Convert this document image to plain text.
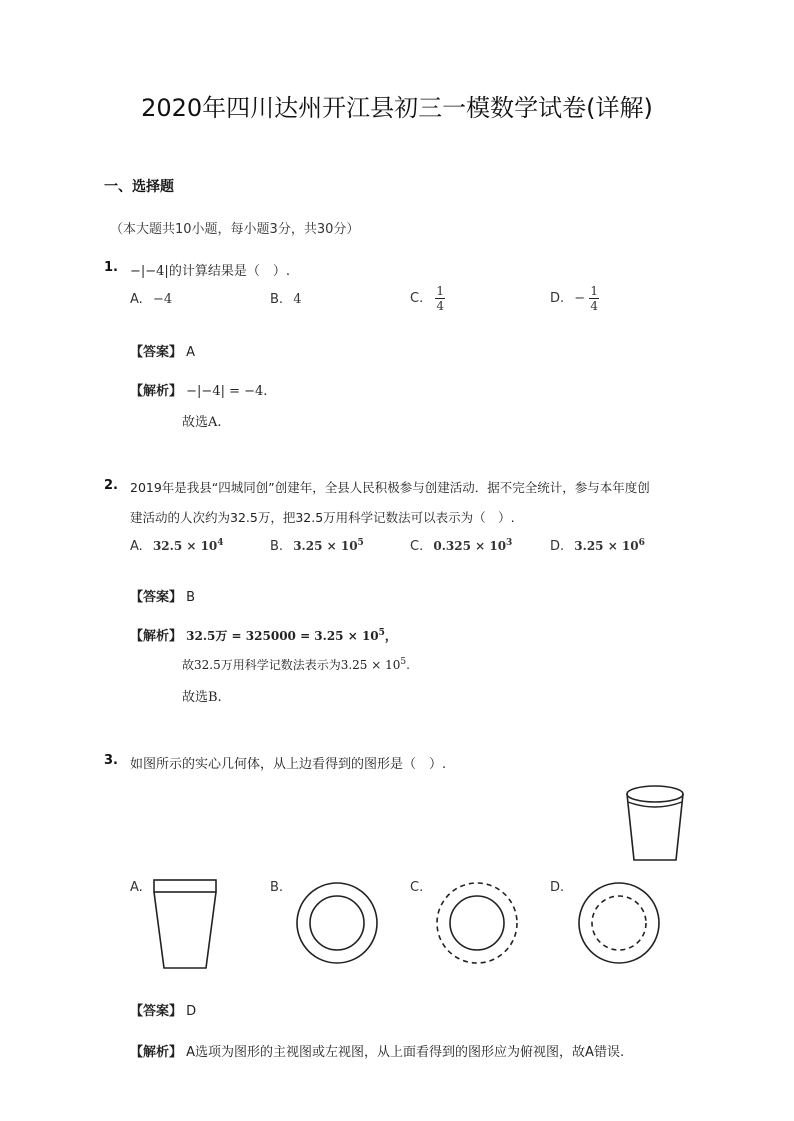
2020年四川达州开江县初三一模数学试卷(详解)
一、选择题
（本大题共10小题，每小题3分，共30分）
1. −|−4|的计算结果是（　）.
A. −4	B. 4	C. $\frac{1}{4}$	D. − $\frac{1}{4}$
【答案】 A
【解析】 −|−4| = −4.
故选A.
2. 2019年是我县“四城同创”创建年，全县人民积极参与创建活动．据不完全统计，参与本年度创
建活动的人次约为32.5万，把32.5万用科学记数法可以表示为（　）.
A. $32.5 \times 10^4$	B. $3.25 \times 10^5$	C. $0.325 \times 10^3$	D. $3.25 \times 10^6$
【答案】 B
【解析】 32.5万 = $325000 = 3.25 \times 10^5$，
故32.5万用科学记数法表示为$3.25 \times 10^5$.
故选B.
3. 如图所示的实心几何体，从上边看得到的图形是（　）.
A.	B.	C.	D.
【答案】 D
【解析】 A选项为图形的主视图或左视图，从上面看得到的图形应为俯视图，故A错误.
